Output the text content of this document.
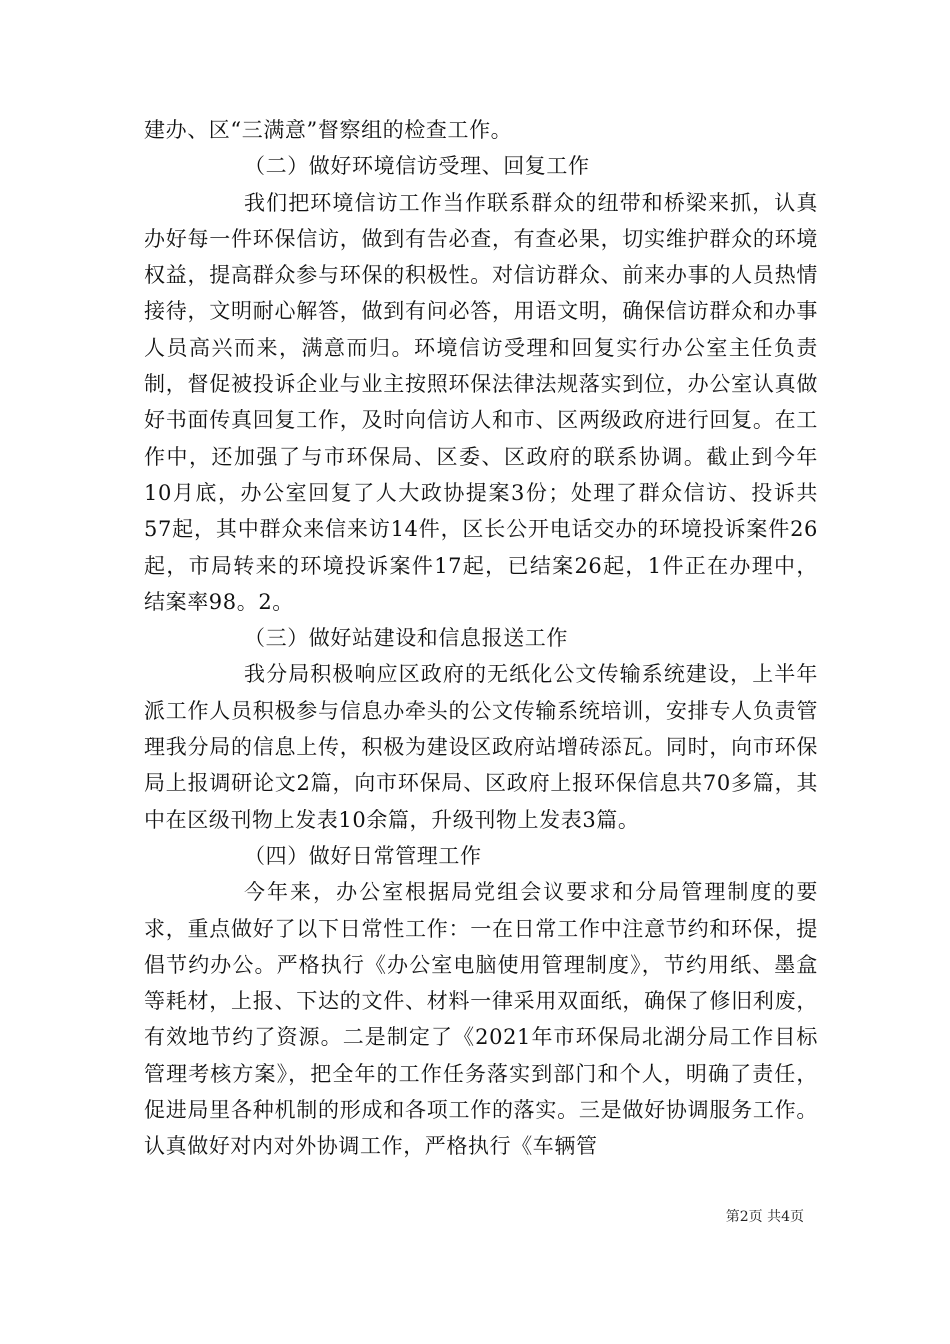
建办、区“三满意”督察组的检查工作。

（二）做好环境信访受理、回复工作

我们把环境信访工作当作联系群众的纽带和桥梁来抓，认真办好每一件环保信访，做到有告必查，有查必果，切实维护群众的环境权益，提高群众参与环保的积极性。对信访群众、前来办事的人员热情接待，文明耐心解答，做到有问必答，用语文明，确保信访群众和办事人员高兴而来，满意而归。环境信访受理和回复实行办公室主任负责制，督促被投诉企业与业主按照环保法律法规落实到位，办公室认真做好书面传真回复工作，及时向信访人和市、区两级政府进行回复。在工作中，还加强了与市环保局、区委、区政府的联系协调。截止到今年10月底，办公室回复了人大政协提案3份；处理了群众信访、投诉共57起，其中群众来信来访14件，区长公开电话交办的环境投诉案件26起，市局转来的环境投诉案件17起，已结案26起，1件正在办理中，结案率98。2。

（三）做好站建设和信息报送工作

我分局积极响应区政府的无纸化公文传输系统建设，上半年派工作人员积极参与信息办牵头的公文传输系统培训，安排专人负责管理我分局的信息上传，积极为建设区政府站增砖添瓦。同时，向市环保局上报调研论文2篇，向市环保局、区政府上报环保信息共70多篇，其中在区级刊物上发表10余篇，升级刊物上发表3篇。

（四）做好日常管理工作

今年来，办公室根据局党组会议要求和分局管理制度的要求，重点做好了以下日常性工作：一在日常工作中注意节约和环保，提倡节约办公。严格执行《办公室电脑使用管理制度》，节约用纸、墨盒等耗材，上报、下达的文件、材料一律采用双面纸，确保了修旧利废，有效地节约了资源。二是制定了《2021年市环保局北湖分局工作目标管理考核方案》，把全年的工作任务落实到部门和个人，明确了责任，促进局里各种机制的形成和各项工作的落实。三是做好协调服务工作。认真做好对内对外协调工作，严格执行《车辆管

第2页 共4页
